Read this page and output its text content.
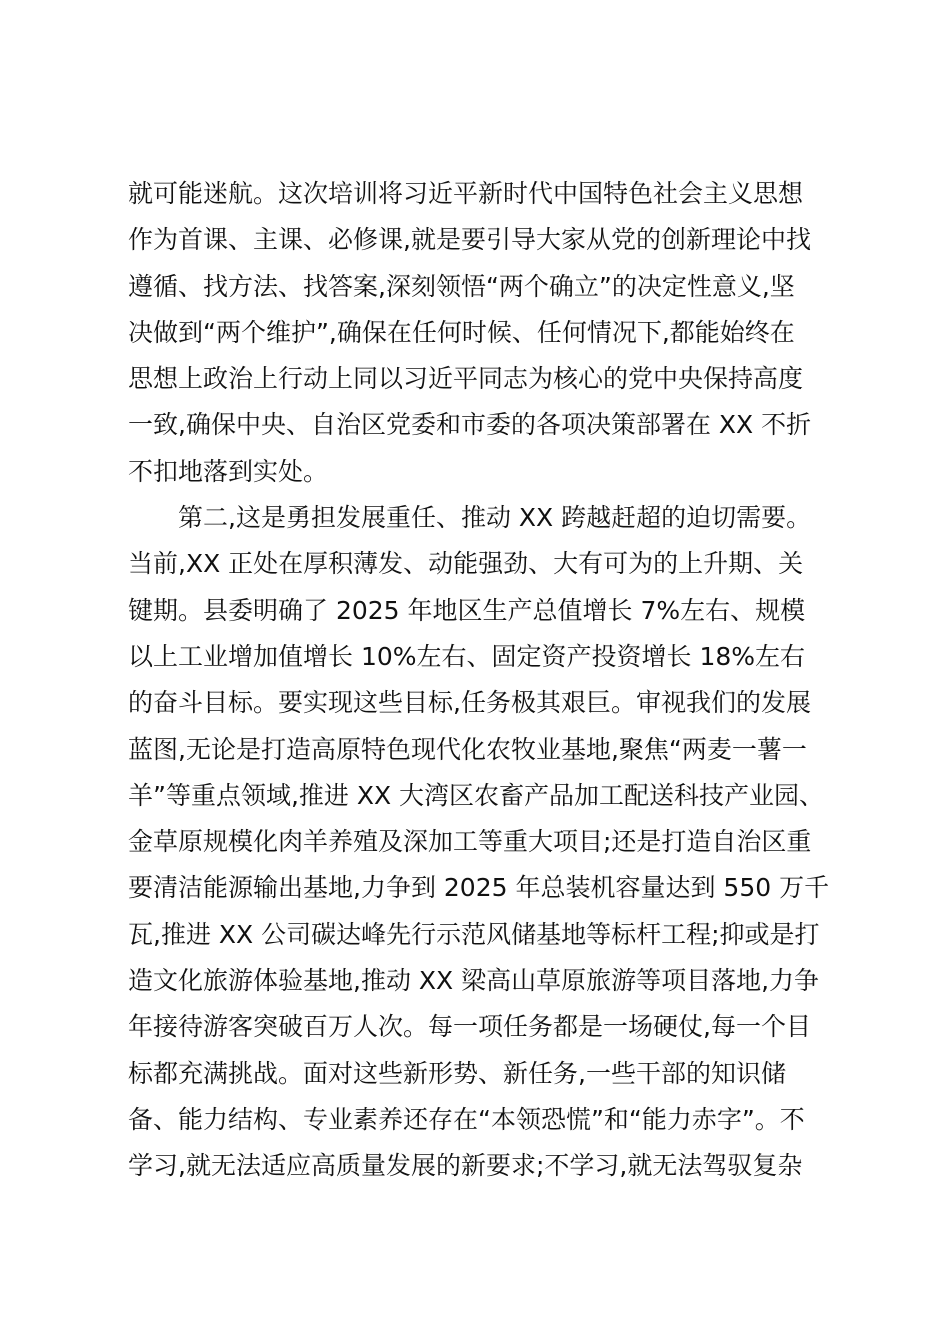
就可能迷航。这次培训将习近平新时代中国特色社会主义思想
作为首课、主课、必修课,就是要引导大家从党的创新理论中找
遵循、找方法、找答案,深刻领悟“两个确立”的决定性意义,坚
决做到“两个维护”,确保在任何时候、任何情况下,都能始终在
思想上政治上行动上同以习近平同志为核心的党中央保持高度
一致,确保中央、自治区党委和市委的各项决策部署在 XX 不折
不扣地落到实处。
　　第二,这是勇担发展重任、推动 XX 跨越赶超的迫切需要。
当前,XX 正处在厚积薄发、动能强劲、大有可为的上升期、关
键期。县委明确了 2025 年地区生产总值增长 7%左右、规模
以上工业增加值增长 10%左右、固定资产投资增长 18%左右
的奋斗目标。要实现这些目标,任务极其艰巨。审视我们的发展
蓝图,无论是打造高原特色现代化农牧业基地,聚焦“两麦一薯一
羊”等重点领域,推进 XX 大湾区农畜产品加工配送科技产业园、
金草原规模化肉羊养殖及深加工等重大项目;还是打造自治区重
要清洁能源输出基地,力争到 2025 年总装机容量达到 550 万千
瓦,推进 XX 公司碳达峰先行示范风储基地等标杆工程;抑或是打
造文化旅游体验基地,推动 XX 梁高山草原旅游等项目落地,力争
年接待游客突破百万人次。每一项任务都是一场硬仗,每一个目
标都充满挑战。面对这些新形势、新任务,一些干部的知识储
备、能力结构、专业素养还存在“本领恐慌”和“能力赤字”。不
学习,就无法适应高质量发展的新要求;不学习,就无法驾驭复杂
